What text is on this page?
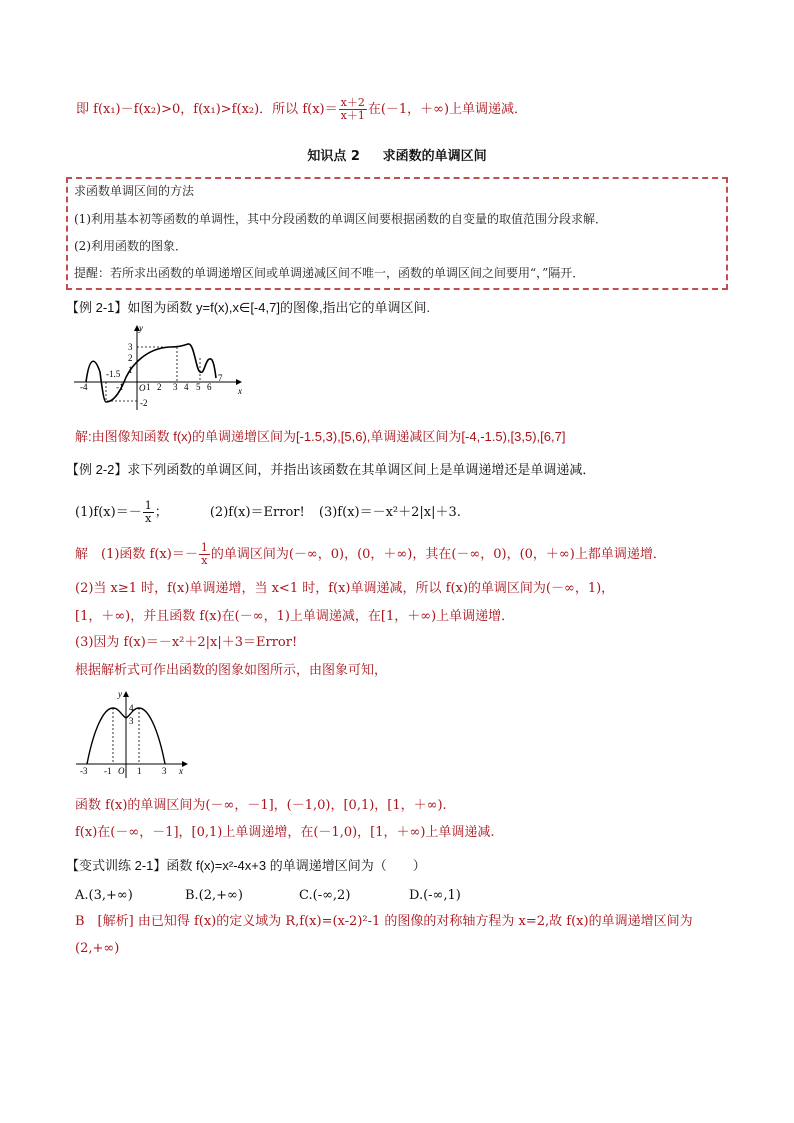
即 f(x₁)－f(x₂)>0，f(x₁)>f(x₂)．所以 $f(x)= \frac{x+2}{x+1}$ 在(－1，＋∞)上单调递减．
知识点 2 求函数的单调区间
求函数单调区间的方法
(1)利用基本初等函数的单调性，其中分段函数的单调区间要根据函数的自变量的取值范围分段求解．
(2)利用函数的图象．
提醒：若所求出函数的单调递增区间或单调递减区间不唯一，函数的单调区间之间要用“，”隔开．
【例 2-1】如图为函数 y=f(x),x∈[-4,7]的图像,指出它的单调区间.
y
x
O
3
2
1
-2
-4
-1.5
-1	1 2 3 4 5 6
7
解:由图像知函数 f(x)的单调递增区间为[-1.5,3),[5,6),单调递减区间为[-4,-1.5),[3,5),[6,7]
【例 2-2】求下列函数的单调区间，并指出该函数在其单调区间上是单调递增还是单调递减．
$(1)f(x)=- \frac{1}{x}$ ；	(2)f(x)＝Error! (3)f(x)＝－x²＋2|x|＋3.
解　(1)函数 $f(x)=- \frac{1}{x}$ 的单调区间为(－∞，0)，(0，＋∞)，其在(－∞，0)，(0，＋∞)上都单调递增．
(2)当 x≥1 时，f(x)单调递增，当 x<1 时，f(x)单调递减，所以 f(x)的单调区间为(－∞，1)，
[1，＋∞)，并且函数 f(x)在(－∞，1)上单调递减，在[1，＋∞)上单调递增．
(3)因为 f(x)＝－x²＋2|x|＋3＝Error!
根据解析式可作出函数的图象如图所示，由图象可知，
y
x
O
4
3
-3 -1	1 3
函数 f(x)的单调区间为(－∞，－1]，(－1,0)，[0,1)，[1，＋∞).
f(x)在(－∞，－1]，[0,1)上单调递增，在(－1,0)，[1，＋∞)上单调递减.
【变式训练 2-1】函数 f(x)=x²-4x+3 的单调递增区间为（　　）
A.(3,+∞)	B.(2,+∞)	C.(-∞,2)	D.(-∞,1)
B　[解析] 由已知得 f(x)的定义域为 R,f(x)=(x-2)²-1 的图像的对称轴方程为 x=2,故 f(x)的单调递增区间为
(2,+∞)
